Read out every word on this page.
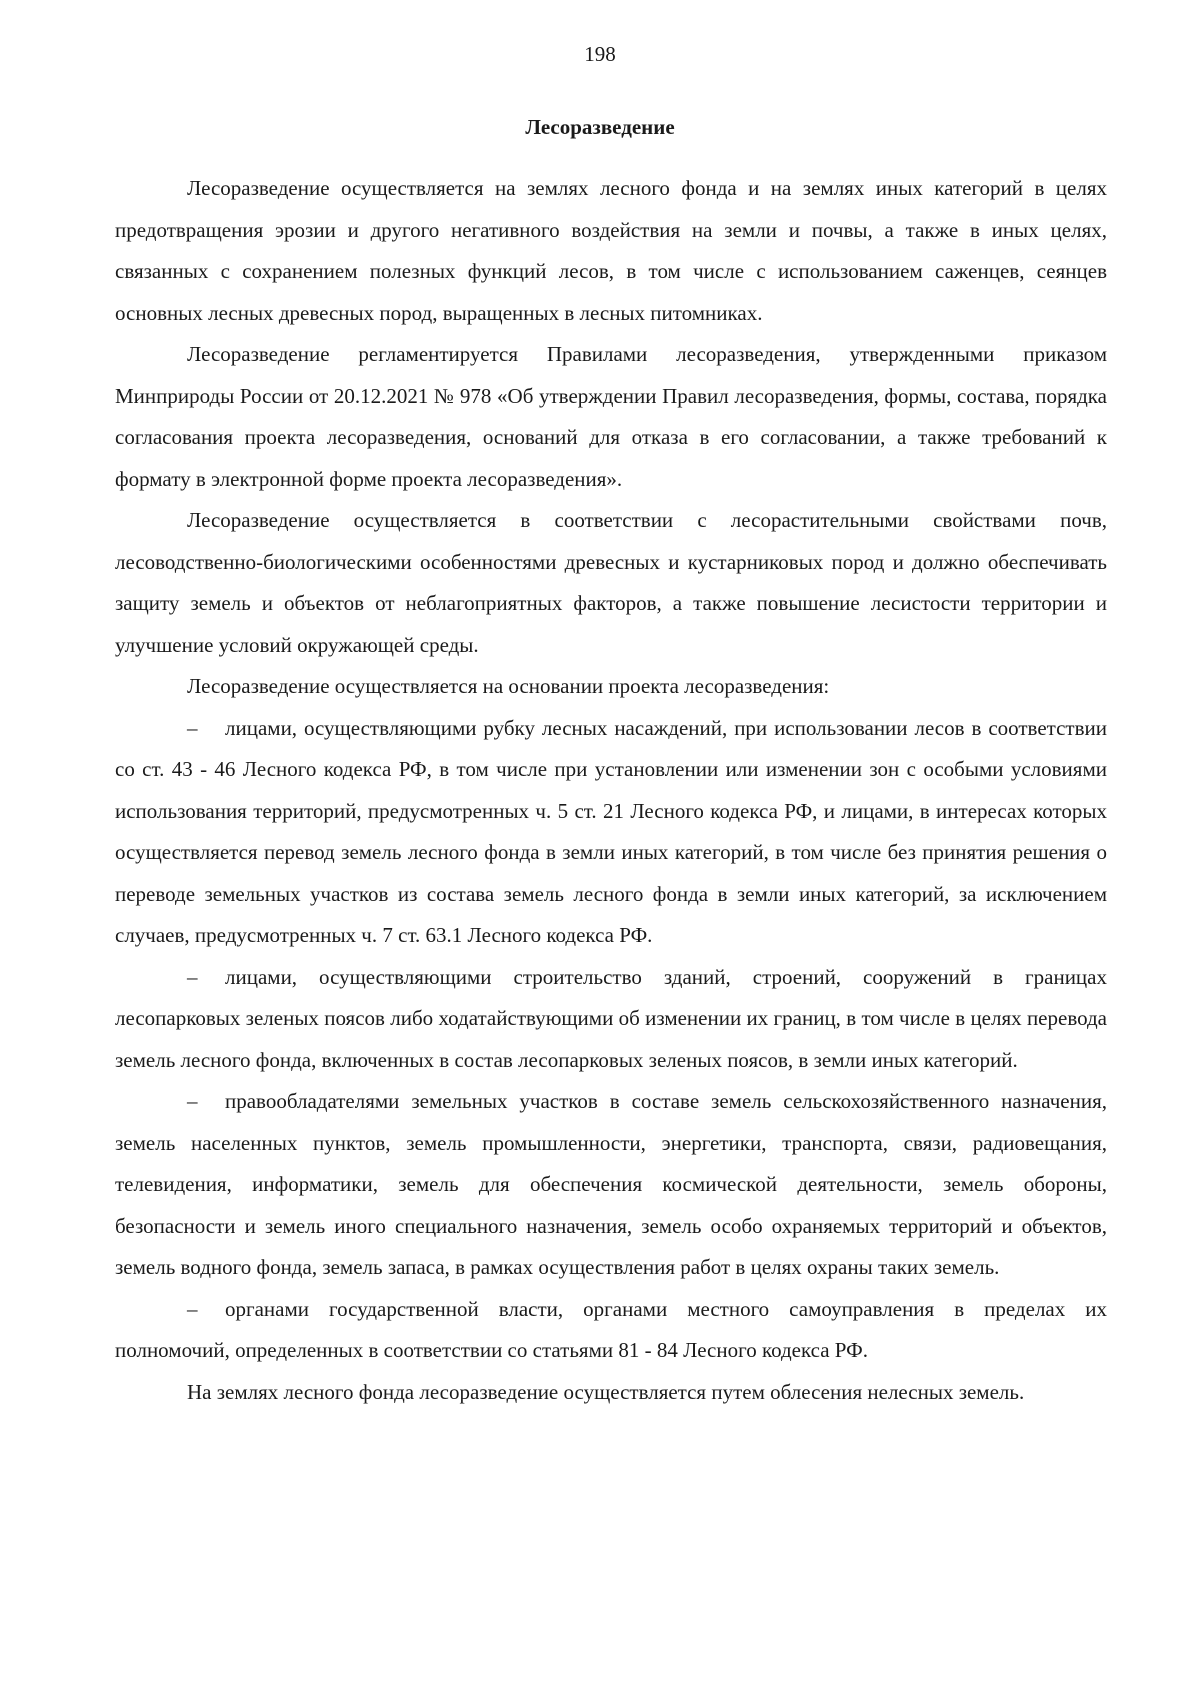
198
Лесоразведение

Лесоразведение осуществляется на землях лесного фонда и на землях иных категорий в целях предотвращения эрозии и другого негативного воздействия на земли и почвы, а также в иных целях, связанных с сохранением полезных функций лесов, в том числе с использованием саженцев, сеянцев основных лесных древесных пород, выращенных в лесных питомниках.

Лесоразведение регламентируется Правилами лесоразведения, утвержденными приказом Минприроды России от 20.12.2021 № 978 «Об утверждении Правил лесоразведения, формы, состава, порядка согласования проекта лесоразведения, оснований для отказа в его согласовании, а также требований к формату в электронной форме проекта лесоразведения».

Лесоразведение осуществляется в соответствии с лесорастительными свойствами почв, лесоводственно-биологическими особенностями древесных и кустарниковых пород и должно обеспечивать защиту земель и объектов от неблагоприятных факторов, а также повышение лесистости территории и улучшение условий окружающей среды.

Лесоразведение осуществляется на основании проекта лесоразведения:

– лицами, осуществляющими рубку лесных насаждений, при использовании лесов в соответствии со ст. 43 - 46 Лесного кодекса РФ, в том числе при установлении или изменении зон с особыми условиями использования территорий, предусмотренных ч. 5 ст. 21 Лесного кодекса РФ, и лицами, в интересах которых осуществляется перевод земель лесного фонда в земли иных категорий, в том числе без принятия решения о переводе земельных участков из состава земель лесного фонда в земли иных категорий, за исключением случаев, предусмотренных ч. 7 ст. 63.1 Лесного кодекса РФ.

– лицами, осуществляющими строительство зданий, строений, сооружений в границах лесопарковых зеленых поясов либо ходатайствующими об изменении их границ, в том числе в целях перевода земель лесного фонда, включенных в состав лесопарковых зеленых поясов, в земли иных категорий.

– правообладателями земельных участков в составе земель сельскохозяйственного назначения, земель населенных пунктов, земель промышленности, энергетики, транспорта, связи, радиовещания, телевидения, информатики, земель для обеспечения космической деятельности, земель обороны, безопасности и земель иного специального назначения, земель особо охраняемых территорий и объектов, земель водного фонда, земель запаса, в рамках осуществления работ в целях охраны таких земель.

– органами государственной власти, органами местного самоуправления в пределах их полномочий, определенных в соответствии со статьями 81 - 84 Лесного кодекса РФ.

На землях лесного фонда лесоразведение осуществляется путем облесения нелесных земель.
